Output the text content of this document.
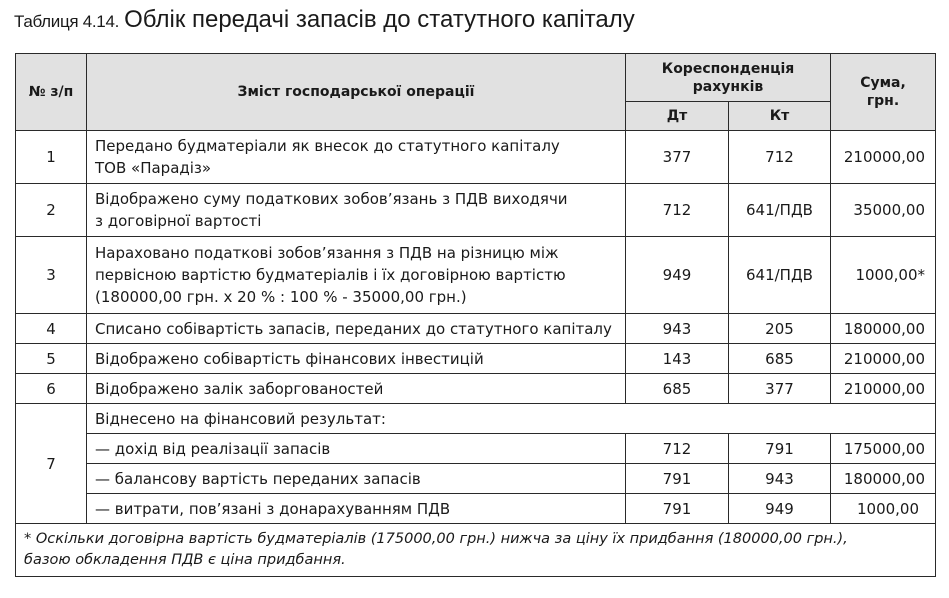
Таблиця 4.14. Облік передачі запасів до статутного капіталу
№ з/п	Зміст господарської операції	Кореспонденція рахунків		Сума, грн.
		Дт	Кт	
1	Передано будматеріали як внесок до статутного капіталу
ТОВ «Парадіз»	377	712	210000,00
2	Відображено суму податкових зобов’язань з ПДВ виходячи
з договірної вартості	712	641/ПДВ	35000,00
3	Нараховано податкові зобов’язання з ПДВ на різницю між
первісною вартістю будматеріалів і їх договірною вартістю
(180000,00 грн. х 20 % : 100 % - 35000,00 грн.)	949	641/ПДВ	1000,00*
4	Списано собівартість запасів, переданих до статутного капіталу	943	205	180000,00
5	Відображено собівартість фінансових інвестицій	143	685	210000,00
6	Відображено залік заборгованостей	685	377	210000,00
7	Віднесено на фінансовий результат:			
	— дохід від реалізації запасів	712	791	175000,00
	— балансову вартість переданих запасів	791	943	180000,00
	— витрати, пов’язані з донарахуванням ПДВ	791	949	1000,00

* Оскільки договірна вартість будматеріалів (175000,00 грн.) нижча за ціну їх придбання (180000,00 грн.),
базою обкладення ПДВ є ціна придбання.				
